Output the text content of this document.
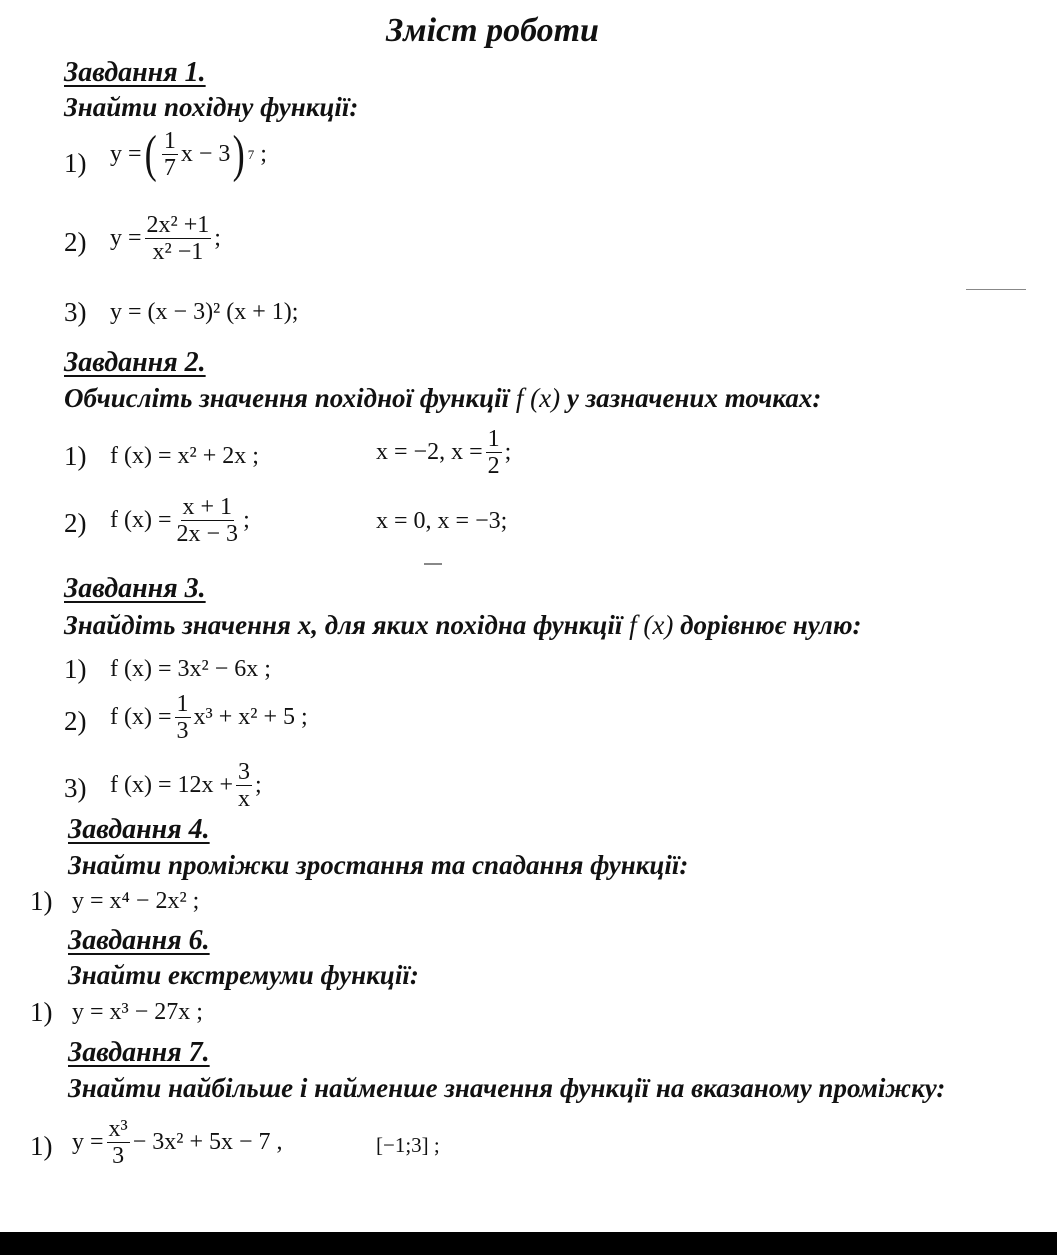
Зміст роботи
Завдання 1.
Знайти похідну функції:
1) y = ( $\frac{1}{7}$ x − 3 ) 7 ;
2) $y = \frac{\text{2x² +1}}{\text{x² −1}}$ ;
3) y = (x − 3)² (x + 1);
Завдання 2.
Обчисліть значення похідної функції f (x) у зазначених точках:
1) f (x) = x² + 2x ;	x = −2, $x = \frac{1}{2}$ ;
2) f $(x) = \frac{x + 1}{2x - 3}$ ;	x = 0, x = −3;
Завдання 3.
Знайдіть значення x, для яких похідна функції f (x) дорівнює нулю:
1) f (x) = 3x² − 6x ;
2) f $(x) = \frac{1}{3} x^3 + x^2 + 5$ ;
3) f $(x) = 12x + \frac{3}{x}$ ;
Завдання 4.
Знайти проміжки зростання та спадання функції:
1) y = x⁴ − 2x² ;
Завдання 6.
Знайти екстремуми функції:
1) y = x³ − 27x ;
Завдання 7.
Знайти найбільше і найменше значення функції на вказаному проміжку:
1) $y = \frac{\text{x³}}{3} - 3x^2 + 5x - 7$ ,	[−1;3] ;
